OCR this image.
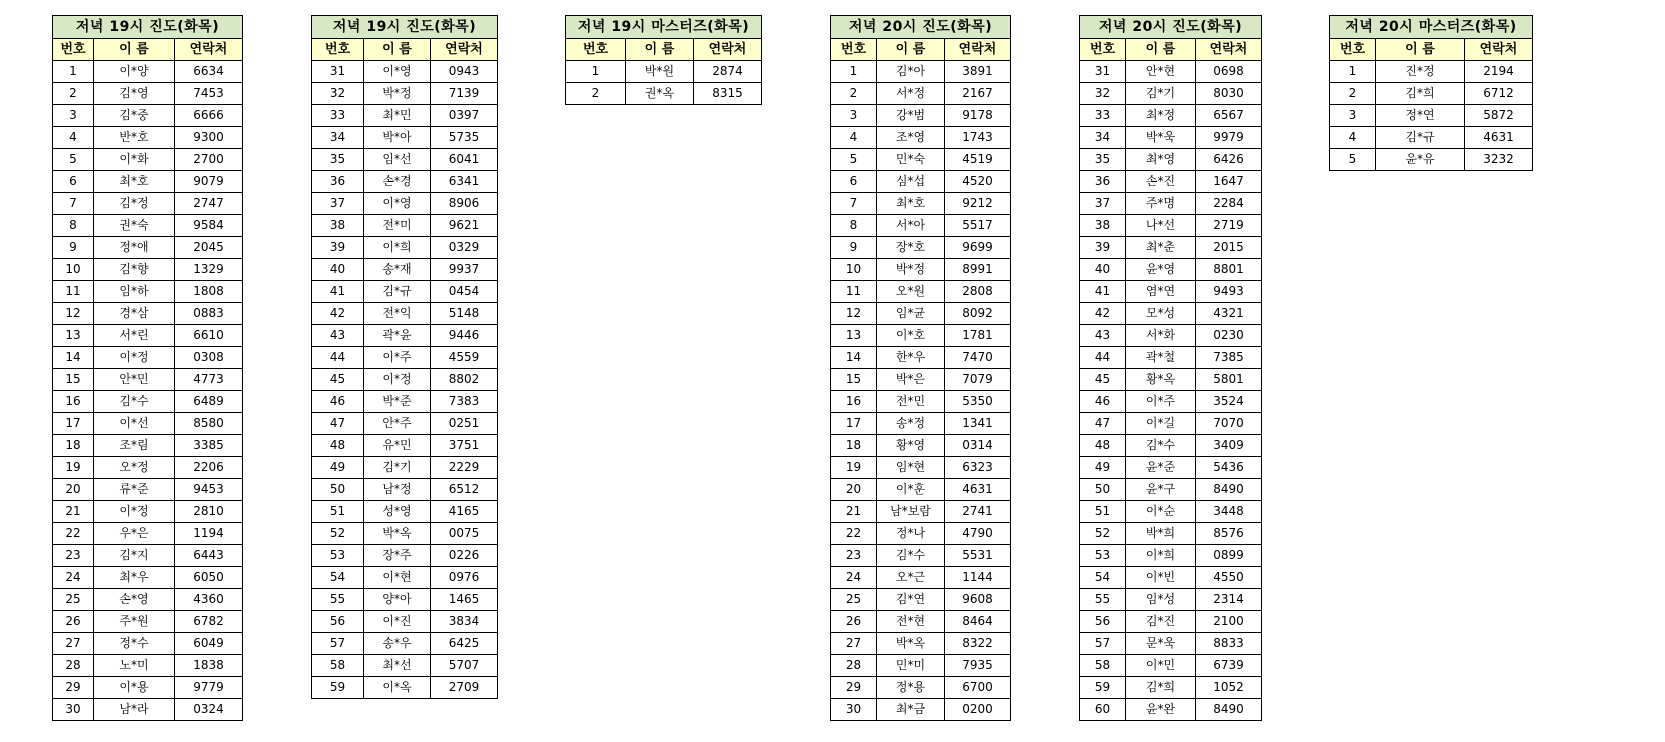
저녁 19시 진도(화목)		
번호	이 름	연락처
1	이*양	6634
2	김*영	7453
3	김*중	6666
4	반*호	9300
5	이*화	2700
6	최*호	9079
7	김*정	2747
8	권*숙	9584
9	정*애	2045
10	김*향	1329
11	임*하	1808
12	경*삼	0883
13	서*린	6610
14	이*정	0308
15	안*민	4773
16	김*수	6489
17	이*선	8580
18	조*림	3385
19	오*정	2206
20	류*준	9453
21	이*정	2810
22	우*은	1194
23	김*지	6443
24	최*우	6050
25	손*영	4360
26	주*원	6782
27	정*수	6049
28	노*미	1838
29	이*용	9779
30	남*라	0324
저녁 19시 진도(화목)		
번호	이 름	연락처
31	이*영	0943
32	박*정	7139
33	최*민	0397
34	박*아	5735
35	임*선	6041
36	손*경	6341
37	이*영	8906
38	전*미	9621
39	이*희	0329
40	송*재	9937
41	김*규	0454
42	전*익	5148
43	곽*윤	9446
44	이*주	4559
45	이*정	8802
46	박*준	7383
47	안*주	0251
48	유*민	3751
49	김*기	2229
50	남*정	6512
51	성*영	4165
52	박*옥	0075
53	장*주	0226
54	이*현	0976
55	양*아	1465
56	이*진	3834
57	송*우	6425
58	최*선	5707
59	이*옥	2709
저녁 19시 마스터즈(화목)		
번호	이 름	연락처
1	박*원	2874
2	권*옥	8315
저녁 20시 진도(화목)		
번호	이 름	연락처
1	김*아	3891
2	서*정	2167
3	강*범	9178
4	조*영	1743
5	민*숙	4519
6	심*섭	4520
7	최*호	9212
8	서*아	5517
9	장*호	9699
10	박*정	8991
11	오*원	2808
12	임*균	8092
13	이*호	1781
14	한*우	7470
15	박*은	7079
16	전*민	5350
17	송*정	1341
18	황*영	0314
19	임*현	6323
20	이*훈	4631
21	남*보람	2741
22	정*나	4790
23	김*수	5531
24	오*근	1144
25	김*연	9608
26	전*현	8464
27	박*옥	8322
28	민*미	7935
29	정*용	6700
30	최*금	0200
저녁 20시 진도(화목)		
번호	이 름	연락처
31	안*현	0698
32	김*기	8030
33	최*정	6567
34	박*욱	9979
35	최*영	6426
36	손*진	1647
37	주*명	2284
38	나*선	2719
39	최*춘	2015
40	윤*영	8801
41	염*연	9493
42	모*성	4321
43	서*화	0230
44	곽*철	7385
45	황*옥	5801
46	이*주	3524
47	이*길	7070
48	김*수	3409
49	윤*준	5436
50	윤*구	8490
51	이*순	3448
52	박*희	8576
53	이*희	0899
54	이*빈	4550
55	임*성	2314
56	김*진	2100
57	문*욱	8833
58	이*민	6739
59	김*희	1052
60	윤*완	8490
저녁 20시 마스터즈(화목)		
번호	이 름	연락처
1	진*정	2194
2	김*희	6712
3	정*연	5872
4	김*규	4631
5	윤*유	3232
